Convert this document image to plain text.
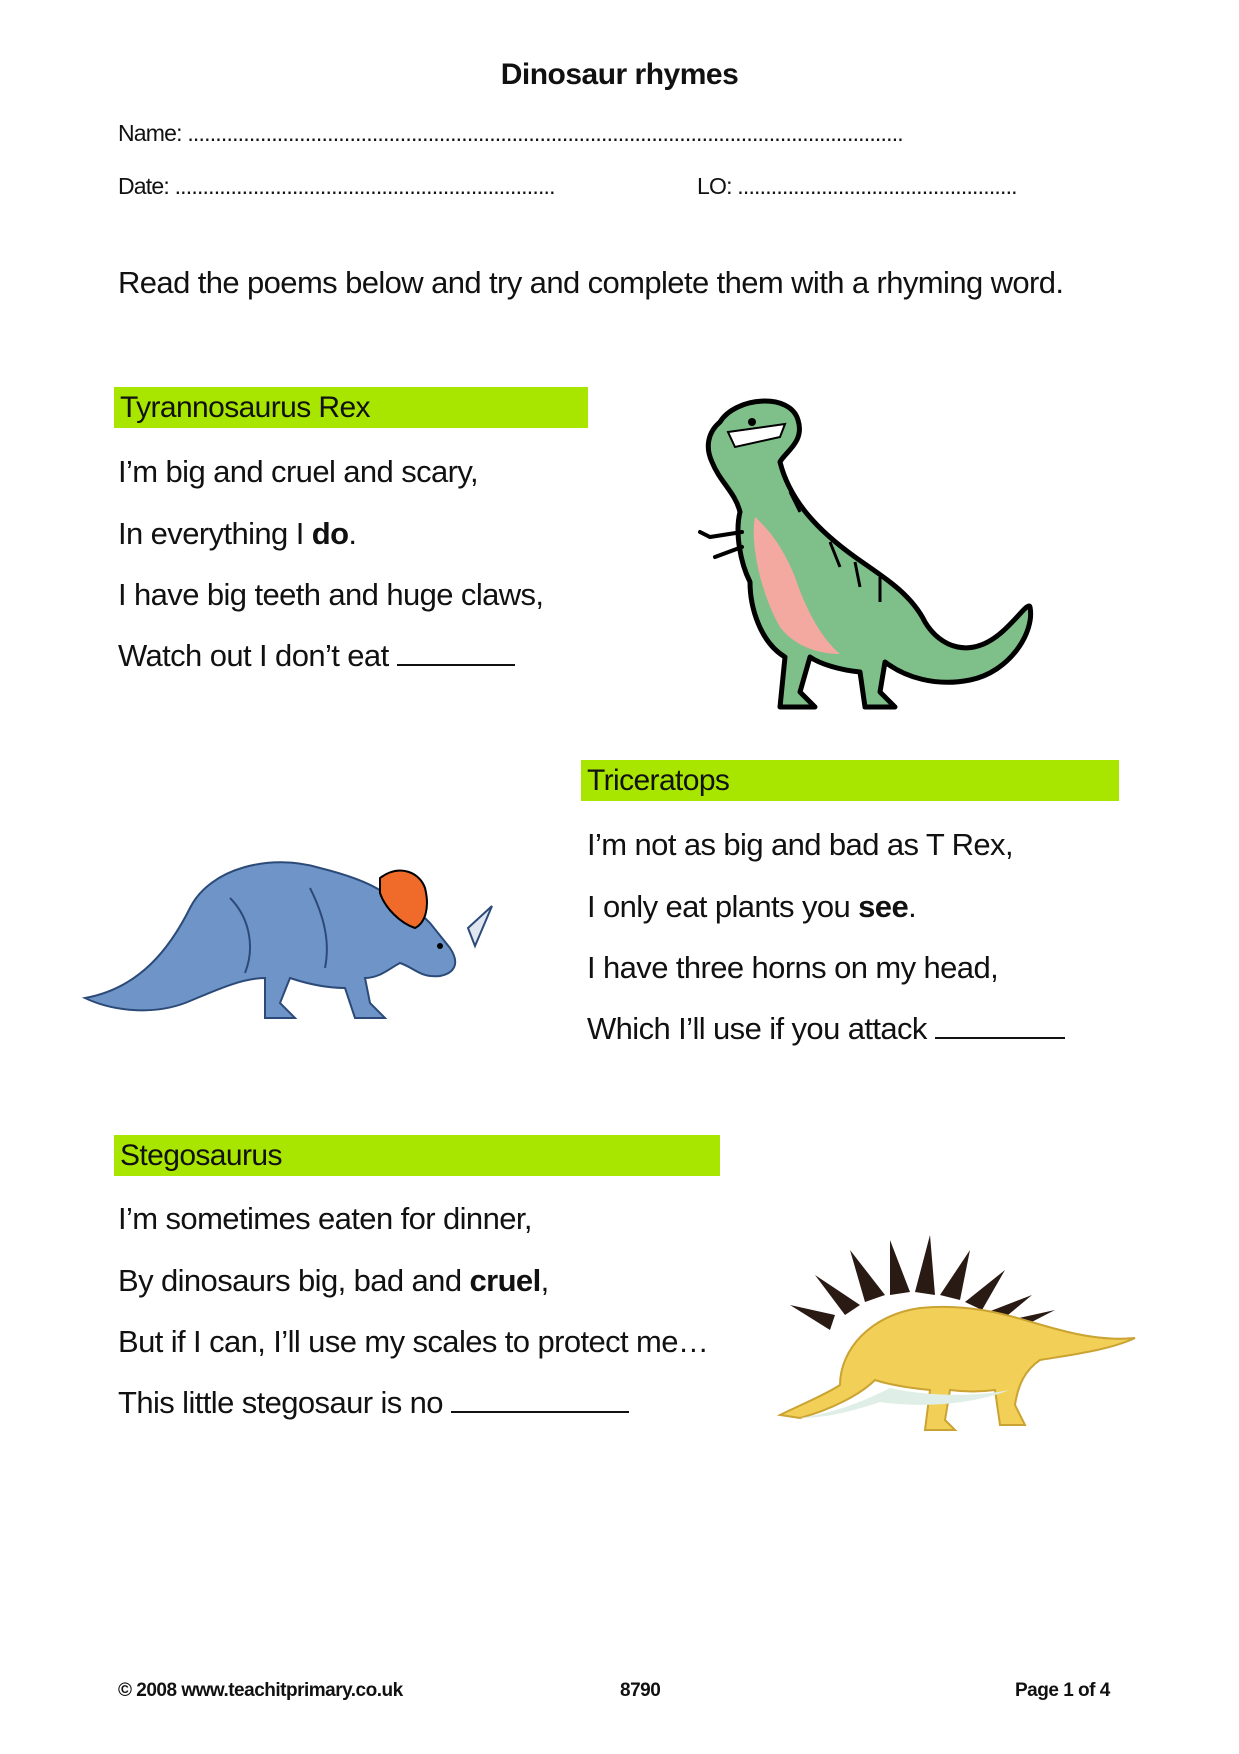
Dinosaur rhymes
Name: ................................................................................................................................
Date: ....................................................................	LO: ..................................................
Read the poems below and try and complete them with a rhyming word.
Tyrannosaurus Rex
I’m big and cruel and scary,
In everything I do.
I have big teeth and huge claws,
Watch out I don’t eat
Triceratops
I’m not as big and bad as T Rex,
I only eat plants you see.
I have three horns on my head,
Which I’ll use if you attack
Stegosaurus
I’m sometimes eaten for dinner,
By dinosaurs big, bad and cruel,
But if I can, I’ll use my scales to protect me…
This little stegosaur is no
© 2008 www.teachitprimary.co.uk	8790	Page 1 of 4
